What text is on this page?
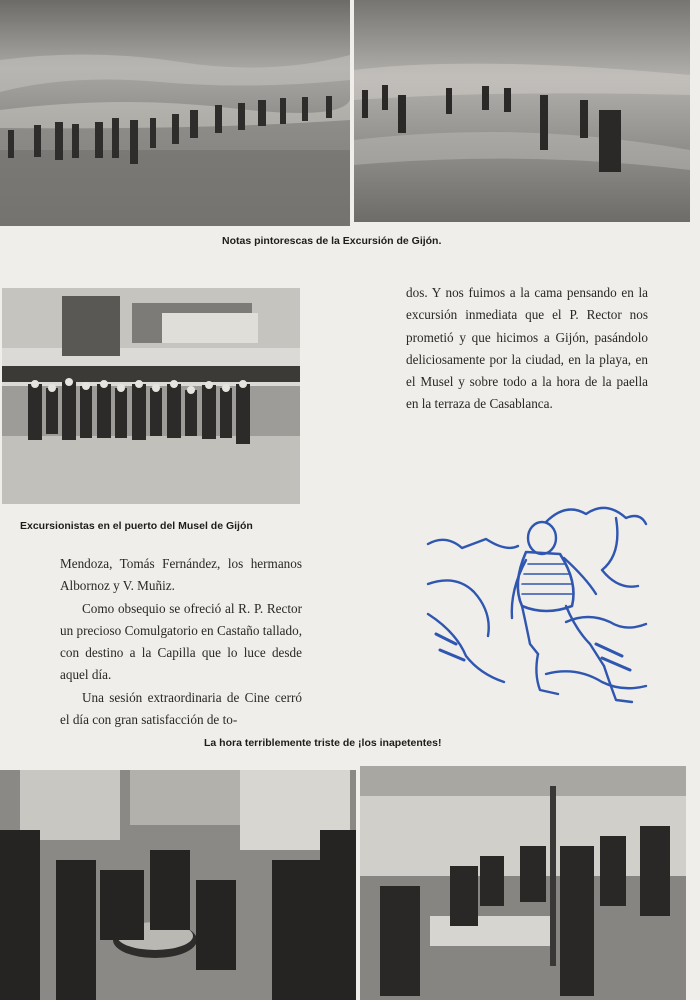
Notas pintorescas de la Excursión de Gijón.
Excursionistas en el puerto del Musel de Gijón

dos. Y nos fuimos a la cama pensando en la excursión inmediata que el P. Rector nos prometió y que hicimos a Gijón, pasándolo deliciosamente por la ciudad, en la playa, en el Musel y sobre todo a la hora de la paella en la terraza de Casablanca.

Mendoza, Tomás Fernández, los hermanos Albornoz y V. Muñiz.

Como obsequio se ofreció al R. P. Rector un precioso Comulgatorio en Castaño tallado, con destino a la Capilla que lo luce desde aquel día.

Una sesión extraordinaria de Cine cerró el día con gran satisfacción de to-

La hora terriblemente triste de ¡los inapetentes!
